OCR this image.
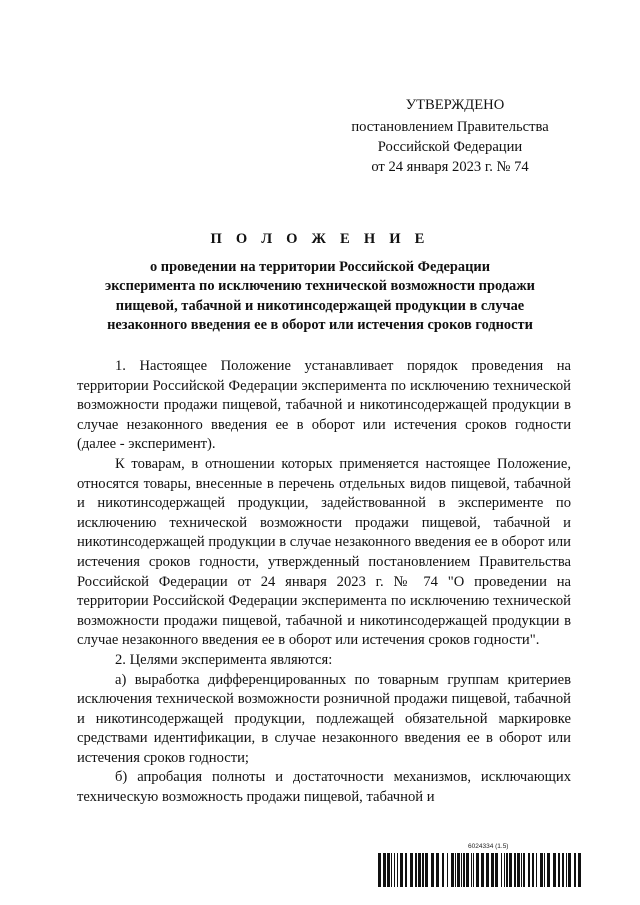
УТВЕРЖДЕНО
постановлением Правительства
Российской Федерации
от 24 января 2023 г. № 74
П О Л О Ж Е Н И Е
о проведении на территории Российской Федерации
эксперимента по исключению технической возможности продажи
пищевой, табачной и никотинсодержащей продукции в случае
незаконного введения ее в оборот или истечения сроков годности

1. Настоящее Положение устанавливает порядок проведения на территории Российской Федерации эксперимента по исключению технической возможности продажи пищевой, табачной и никотинсодержащей продукции в случае незаконного введения ее в оборот или истечения сроков годности (далее - эксперимент).

К товарам, в отношении которых применяется настоящее Положение, относятся товары, внесенные в перечень отдельных видов пищевой, табачной и никотинсодержащей продукции, задействованной в эксперименте по исключению технической возможности продажи пищевой, табачной и никотинсодержащей продукции в случае незаконного введения ее в оборот или истечения сроков годности, утвержденный постановлением Правительства Российской Федерации от 24 января 2023 г. № 74 "О проведении на территории Российской Федерации эксперимента по исключению технической возможности продажи пищевой, табачной и никотинсодержащей продукции в случае незаконного введения ее в оборот или истечения сроков годности".

2. Целями эксперимента являются:

а) выработка дифференцированных по товарным группам критериев исключения технической возможности розничной продажи пищевой, табачной и никотинсодержащей продукции, подлежащей обязательной маркировке средствами идентификации, в случае незаконного введения ее в оборот или истечения сроков годности;

б) апробация полноты и достаточности механизмов, исключающих техническую возможность продажи пищевой, табачной и

6024334 (1.5)
